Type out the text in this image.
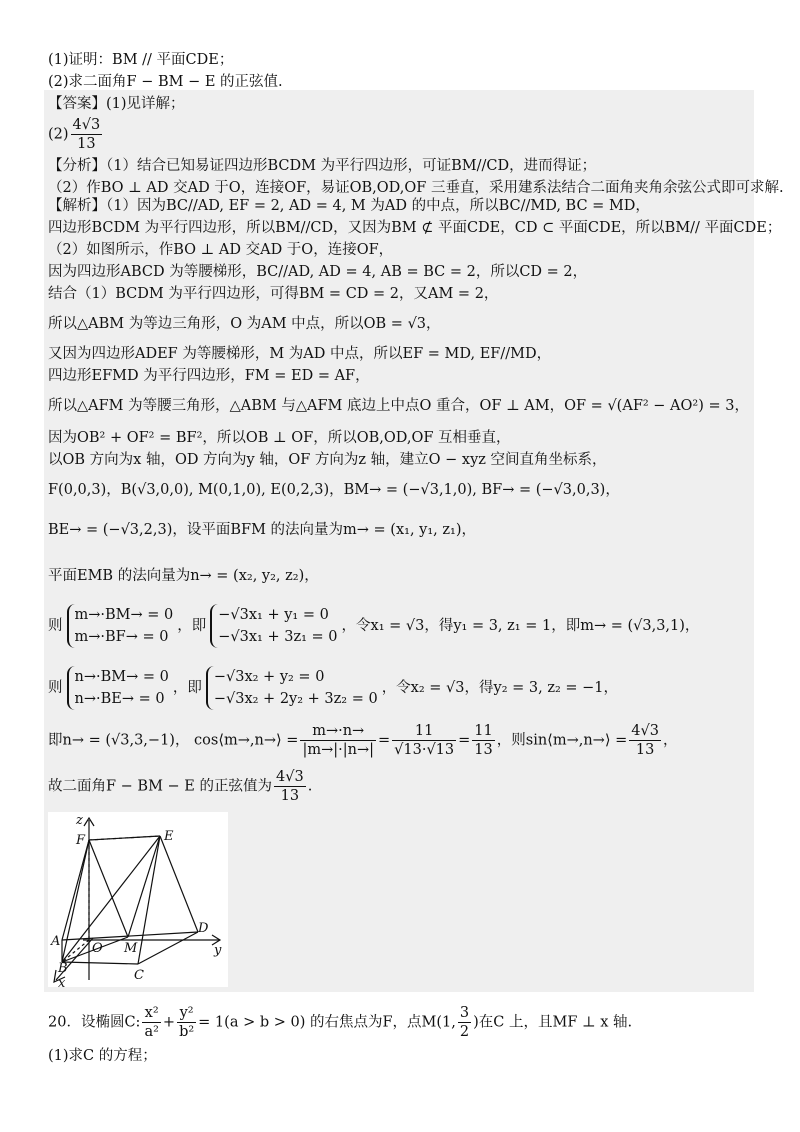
(1)证明：BM // 平面CDE；
(2)求二面角F − BM − E 的正弦值.
【答案】(1)见详解；
$(2) \frac{4√3}{13}$
【分析】（1）结合已知易证四边形BCDM 为平行四边形，可证BM//CD，进而得证；
（2）作BO ⊥ AD 交AD 于O，连接OF，易证OB,OD,OF 三垂直，采用建系法结合二面角夹角余弦公式即可求解.
【解析】（1）因为BC//AD, EF = 2, AD = 4, M 为AD 的中点，所以BC//MD, BC = MD，
四边形BCDM 为平行四边形，所以BM//CD，又因为BM ⊄ 平面CDE，CD ⊂ 平面CDE，所以BM// 平面CDE；
（2）如图所示，作BO ⊥ AD 交AD 于O，连接OF，
因为四边形ABCD 为等腰梯形，BC//AD, AD = 4, AB = BC = 2，所以CD = 2，
结合（1）BCDM 为平行四边形，可得BM = CD = 2，又AM = 2，
所以△ABM 为等边三角形，O 为AM 中点，所以OB = √3，
又因为四边形ADEF 为等腰梯形，M 为AD 中点，所以EF = MD, EF//MD，
四边形EFMD 为平行四边形，FM = ED = AF，
所以△AFM 为等腰三角形，△ABM 与△AFM 底边上中点O 重合，OF ⊥ AM，OF = √(AF² − AO²) = 3，
因为OB² + OF² = BF²，所以OB ⊥ OF，所以OB,OD,OF 互相垂直，
以OB 方向为x 轴，OD 方向为y 轴，OF 方向为z 轴，建立O − xyz 空间直角坐标系，
F(0,0,3)，B(√3,0,0), M(0,1,0), E(0,2,3)，BM→ = (−√3,1,0), BF→ = (−√3,0,3)，
BE→ = (−√3,2,3)，设平面BFM 的法向量为m→ = (x₁, y₁, z₁)，
平面EMB 的法向量为n→ = (x₂, y₂, z₂)，
则
m→·BM→ = 0
m→·BF→ = 0
，即
−√3x₁ + y₁ = 0
−√3x₁ + 3z₁ = 0
，令x₁ = √3，得y₁ = 3, z₁ = 1，即m→ = (√3,3,1)，
则
n→·BM→ = 0
n→·BE→ = 0
，即
−√3x₂ + y₂ = 0
−√3x₂ + 2y₂ + 3z₂ = 0
，令x₂ = √3，得y₂ = 3, z₂ = −1，
即n→ = (√3,3,−1)， cos⟨m→,n→⟩ = $\frac{m\to\cdot n\to}{|m\to|\cdot|n\to|} = \frac{11}{√13\cdot√13} = \frac{11}{13}$ ，则sin⟨m→,n→⟩ = $\frac{4√3}{13}$ ，
故二面角F − BM − E 的正弦值为 $\frac{4√3}{13}$ .
z
y
x
F	E
A O M
D
B	C
20．设椭圆C: $\frac{\text{x²}}{\text{a²}} + \frac{\text{y²}}{\text{b²}} = 1(a > b > 0)$ 的右焦点为F，点M(1, $\frac{3}{2}$ )在C 上，且MF ⊥ x 轴.
(1)求C 的方程；
